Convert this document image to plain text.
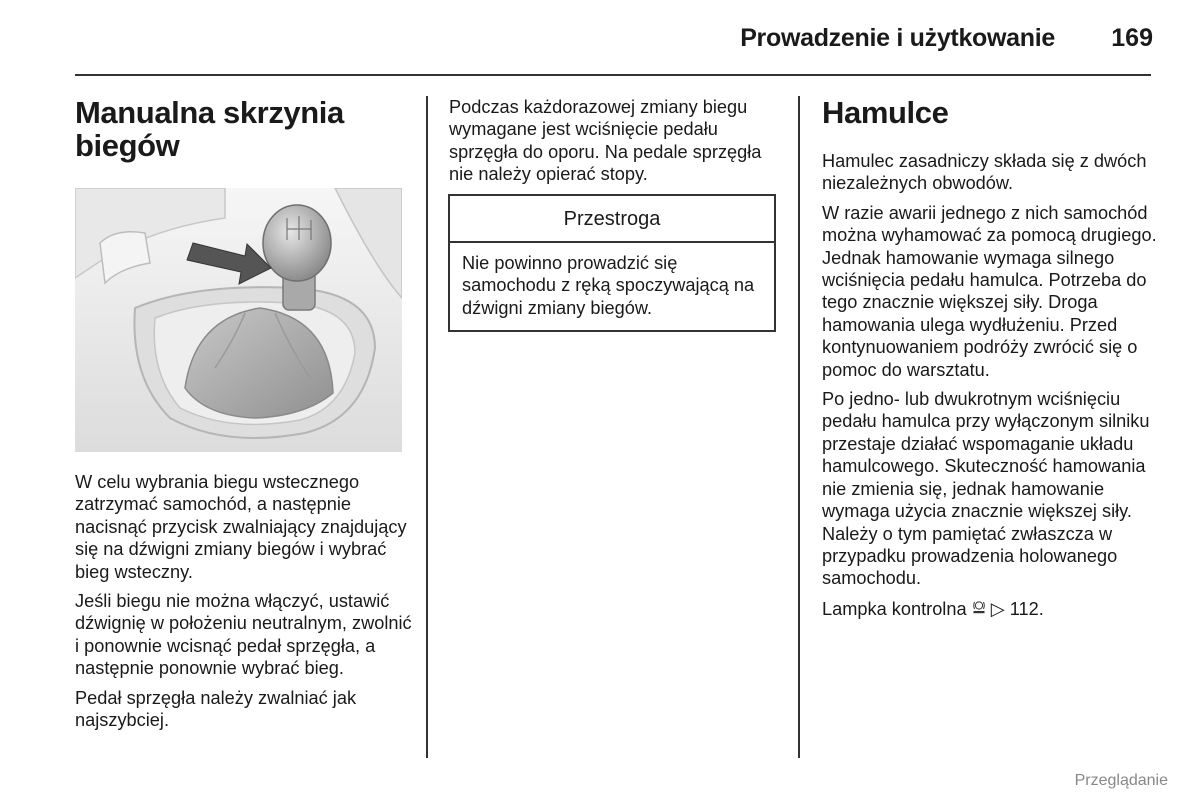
Prowadzenie i użytkowanie	169
Manualna skrzynia biegów

W celu wybrania biegu wstecznego zatrzymać samochód, a następnie nacisnąć przycisk zwalniający znajdujący się na dźwigni zmiany biegów i wybrać bieg wsteczny.

Jeśli biegu nie można włączyć, ustawić dźwignię w położeniu neutralnym, zwolnić i ponownie wcisnąć pedał sprzęgła, a następnie ponownie wybrać bieg.

Pedał sprzęgła należy zwalniać jak najszybciej.

Podczas każdorazowej zmiany biegu wymagane jest wciśnięcie pedału sprzęgła do oporu. Na pedale sprzęgła nie należy opierać stopy.

Przestroga
Nie powinno prowadzić się samochodu z ręką spoczywającą na dźwigni zmiany biegów.
Hamulce

Hamulec zasadniczy składa się z dwóch niezależnych obwodów.

W razie awarii jednego z nich samochód można wyhamować za pomocą drugiego. Jednak hamowanie wymaga silnego wciśnięcia pedału hamulca. Potrzeba do tego znacznie większej siły. Droga hamowania ulega wydłużeniu. Przed kontynuowaniem podróży zwrócić się o pomoc do warsztatu.

Po jedno- lub dwukrotnym wciśnięciu pedału hamulca przy wyłączonym silniku przestaje działać wspomaganie układu hamulcowego. Skuteczność hamowania nie zmienia się, jednak hamowanie wymaga użycia znacznie większej siły. Należy o tym pamiętać zwłaszcza w przypadku prowadzenia holowanego samochodu.

Lampka kontrolna ▷ 112.

Przeglądanie
